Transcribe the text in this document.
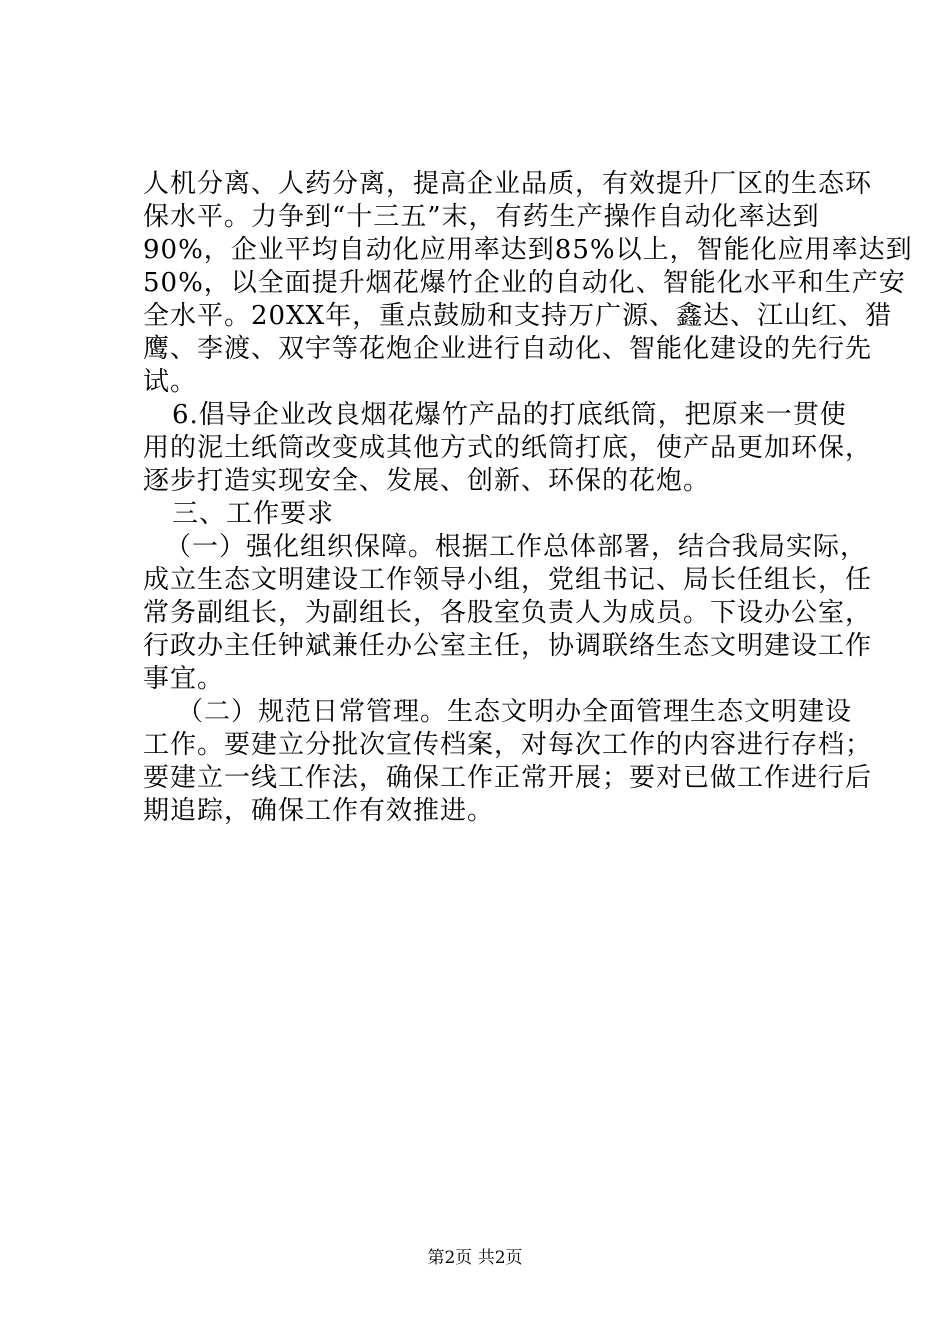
人机分离、人药分离，提高企业品质，有效提升厂区的生态环
保水平。力争到“十三五”末，有药生产操作自动化率达到
90%，企业平均自动化应用率达到85%以上，智能化应用率达到
50%，以全面提升烟花爆竹企业的自动化、智能化水平和生产安
全水平。20XX年，重点鼓励和支持万广源、鑫达、江山红、猎
鹰、李渡、双宇等花炮企业进行自动化、智能化建设的先行先
试。
6.倡导企业改良烟花爆竹产品的打底纸筒，把原来一贯使
用的泥土纸筒改变成其他方式的纸筒打底，使产品更加环保，
逐步打造实现安全、发展、创新、环保的花炮。
三、工作要求
（一）强化组织保障。根据工作总体部署，结合我局实际，
成立生态文明建设工作领导小组，党组书记、局长任组长，任
常务副组长，为副组长，各股室负责人为成员。下设办公室，
行政办主任钟斌兼任办公室主任，协调联络生态文明建设工作
事宜。
（二）规范日常管理。生态文明办全面管理生态文明建设
工作。要建立分批次宣传档案，对每次工作的内容进行存档；
要建立一线工作法，确保工作正常开展；要对已做工作进行后
期追踪，确保工作有效推进。
第2页 共2页
